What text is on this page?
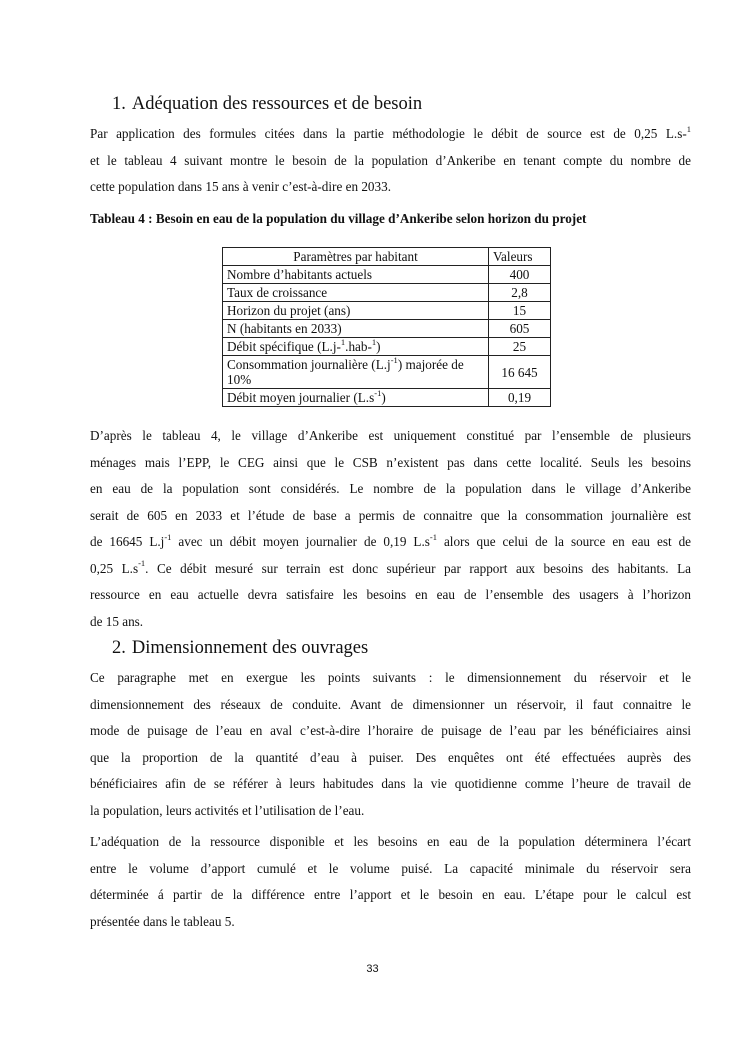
1. Adéquation des ressources et de besoin
Par application des formules citées dans la partie méthodologie le débit de source est de 0,25 L.s-$^1$
et le tableau 4 suivant montre le besoin de la population d’Ankeribe en tenant compte du nombre de
cette population dans 15 ans à venir c’est-à-dire en 2033.

Tableau 4 : Besoin en eau de la population du village d’Ankeribe selon horizon du projet

Paramètres par habitant	Valeurs
Nombre d’habitants actuels	400
Taux de croissance	2,8
Horizon du projet (ans)	15
N (habitants en 2033)	605
Débit spécifique (L.j-$^1$.hab-$^1$)	25
Consommation journalière $(L.j^{-1})$ majorée de 10%	16 645
Débit moyen journalier $(L.s^{-1})$	0,19
D’après le tableau 4, le village d’Ankeribe est uniquement constitué par l’ensemble de plusieurs
ménages mais l’EPP, le CEG ainsi que le CSB n’existent pas dans cette localité. Seuls les besoins
en eau de la population sont considérés. Le nombre de la population dans le village d’Ankeribe
serait de 605 en 2033 et l’étude de base a permis de connaitre que la consommation journalière est
de 16645 $L.j^{-1}$ avec un débit moyen journalier de 0,19 $L.s^{-1}$ alors que celui de la source en eau est de
0,25 $L.s^{-1}$. Ce débit mesuré sur terrain est donc supérieur par rapport aux besoins des habitants. La
ressource en eau actuelle devra satisfaire les besoins en eau de l’ensemble des usagers à l’horizon
de 15 ans.
2. Dimensionnement des ouvrages
Ce paragraphe met en exergue les points suivants : le dimensionnement du réservoir et le
dimensionnement des réseaux de conduite. Avant de dimensionner un réservoir, il faut connaitre le
mode de puisage de l’eau en aval c’est-à-dire l’horaire de puisage de l’eau par les bénéficiaires ainsi
que la proportion de la quantité d’eau à puiser. Des enquêtes ont été effectuées auprès des
bénéficiaires afin de se référer à leurs habitudes dans la vie quotidienne comme l’heure de travail de
la population, leurs activités et l’utilisation de l’eau.
L’adéquation de la ressource disponible et les besoins en eau de la population déterminera l’écart
entre le volume d’apport cumulé et le volume puisé. La capacité minimale du réservoir sera
déterminée á partir de la différence entre l’apport et le besoin en eau. L’étape pour le calcul est
présentée dans le tableau 5.
33
